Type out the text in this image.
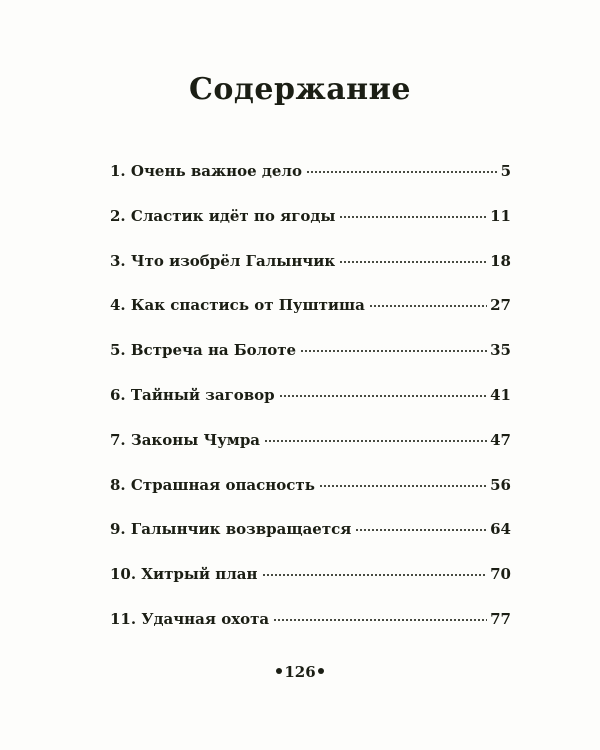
Содержание
1. Очень важное дело	5
2. Сластик идёт по ягоды	11
3. Что изобрёл Галынчик	18
4. Как спастись от Пуштиша	27
5. Встреча на Болоте	35
6. Тайный заговор	41
7. Законы Чумра	47
8. Страшная опасность	56
9. Галынчик возвращается	64
10. Хитрый план	70
11. Удачная охота	77
126
